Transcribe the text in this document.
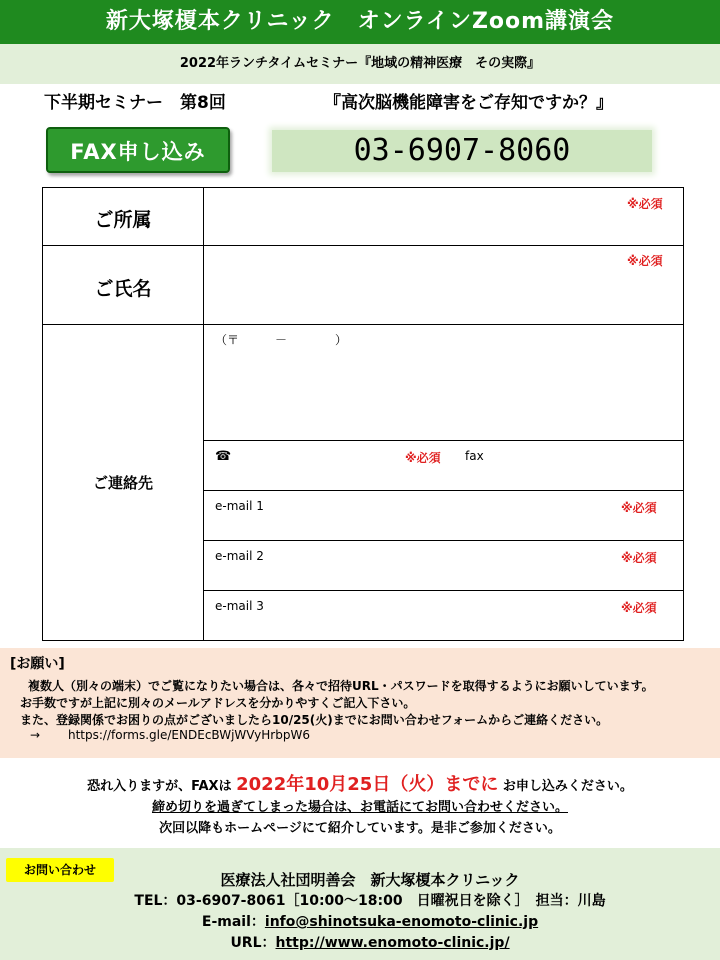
新大塚榎本クリニック　オンラインZoom講演会
2022年ランチタイムセミナー『地域の精神医療　その実際』
下半期セミナー　第8回	『高次脳機能障害をご存知ですか？』
FAX申し込み	03-6907-8060
ご所属
※必須
ご氏名
※必須
ご連絡先
（〒　　　－　　　　）
☎	※必須 fax
e-mail 1	※必須
e-mail 2	※必須
e-mail 3	※必須
[お願い]
複数人（別々の端末）でご覧になりたい場合は、各々で招待URL・パスワードを取得するようにお願いしています。
お手数ですが上記に別々のメールアドレスを分かりやすくご記入下さい。
また、登録関係でお困りの点がございましたら10/25(火)までにお問い合わせフォームからご連絡ください。
→ https://forms.gle/ENDEcBWjWVyHrbpW6
恐れ入りますが、FAXは 2022年10月25日（火）までに お申し込みください。
締め切りを過ぎてしまった場合は、お電話にてお問い合わせください。
次回以降もホームページにて紹介しています。是非ご参加ください。
お問い合わせ
医療法人社団明善会　新大塚榎本クリニック
TEL：03-6907-8061［10:00～18:00　日曜祝日を除く］　担当：川島
E-mail：info@shinotsuka-enomoto-clinic.jp
URL：http://www.enomoto-clinic.jp/
